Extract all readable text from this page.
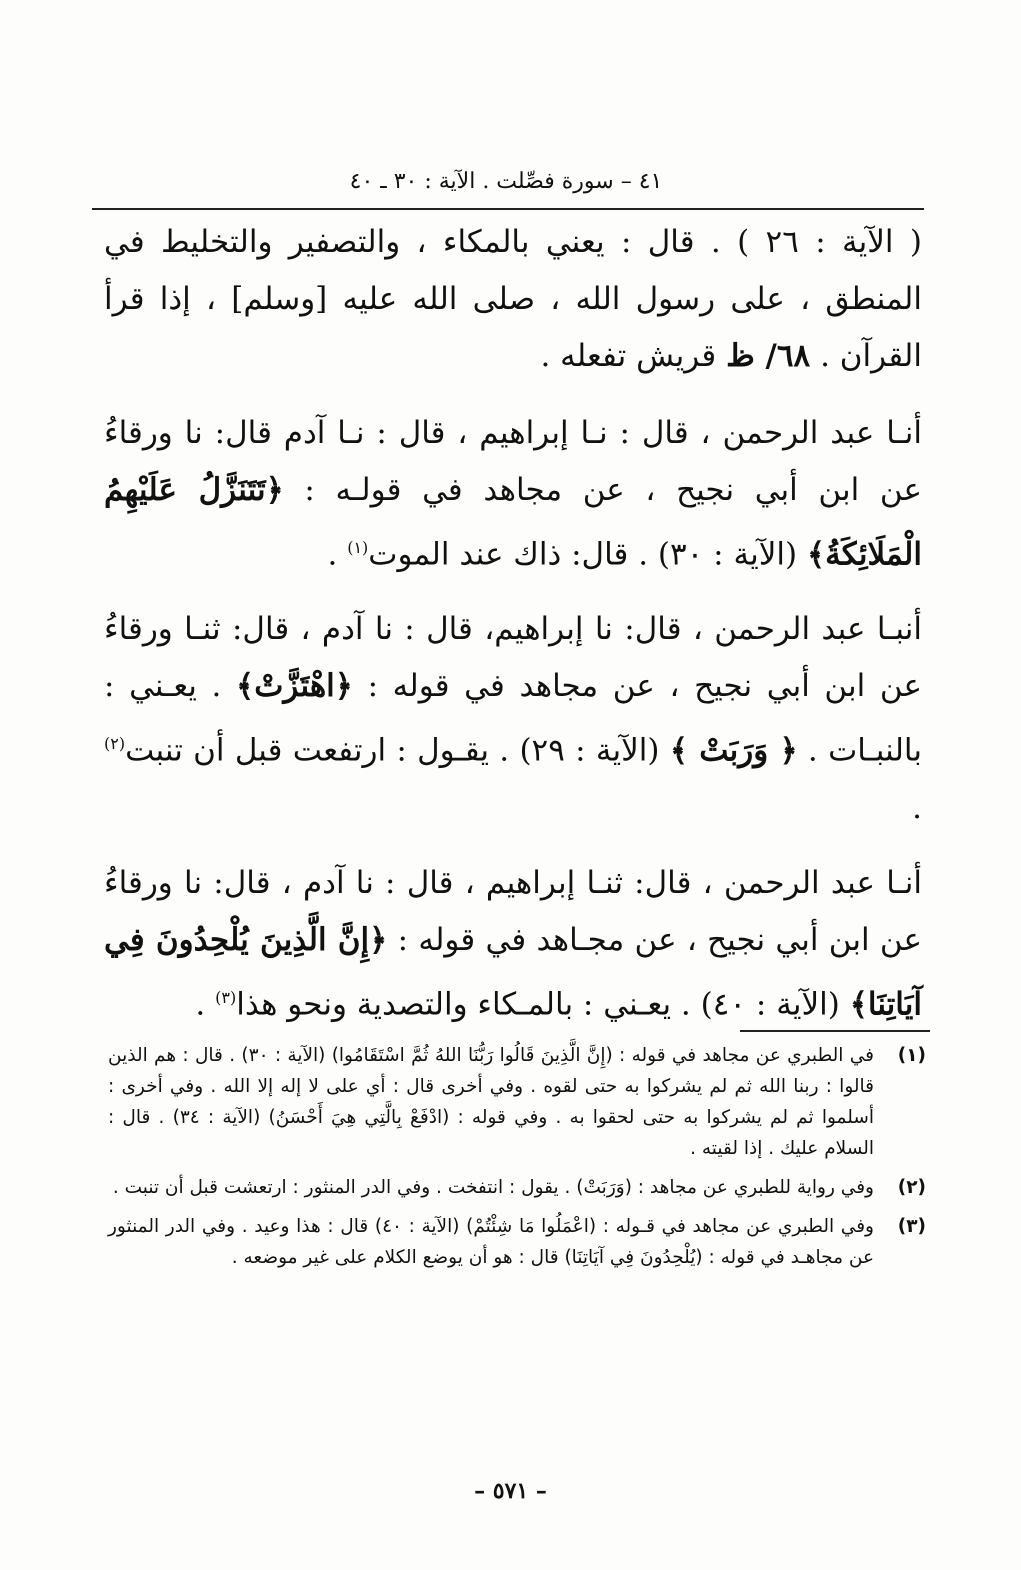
٤١ – سورة فصِّلت . الآية : ٣٠ ـ ٤٠

( الآية : ٢٦ ) . قال : يعني بالمكاء ، والتصفير والتخليط في المنطق ، على رسول الله ، صلى الله عليه [وسلم] ، إذا قرأ القرآن . ٦٨/ ظ قريش تفعله .

أنـا عبد الرحمن ، قال : نـا إبراهيم ، قال : نـا آدم قال: نا ورقاءُ عن ابن أبي نجيح ، عن مجاهد في قولـه : ﴿تَتَنَزَّلُ عَلَيْهِمُ الْمَلَائِكَةُ﴾ (الآية : ٣٠) . قال: ذاك عند الموت$^{(١)}$ .

أنبـا عبد الرحمن ، قال: نا إبراهيم، قال : نا آدم ، قال: ثنـا ورقاءُ عن ابن أبي نجيح ، عن مجاهد في قوله : ﴿اهْتَزَّتْ﴾ . يعـني : بالنبـات . ﴿ وَرَبَتْ ﴾ (الآية : ٢٩) . يقـول : ارتفعت قبل أن تنبت$^{(٢)}$ .

أنـا عبد الرحمن ، قال: ثنـا إبراهيم ، قال : نا آدم ، قال: نا ورقاءُ عن ابن أبي نجيح ، عن مجـاهد في قوله : ﴿إِنَّ الَّذِينَ يُلْحِدُونَ فِي آيَاتِنَا﴾ (الآية : ٤٠) . يعـني : بالمـكاء والتصدية ونحو هذا$^{(٣)}$ .

(١)
في الطبري عن مجاهد في قوله : (إِنَّ الَّذِينَ قَالُوا رَبُّنَا اللهُ ثُمَّ اسْتَقَامُوا) (الآية : ٣٠) . قال : هم الذين قالوا : ربنا الله ثم لم يشركوا به حتى لقوه . وفي أخرى قال : أي على لا إله إلا الله . وفي أخرى : أسلموا ثم لم يشركوا به حتى لحقوا به . وفي قوله : (ادْفَعْ بِالَّتِي هِيَ أَحْسَنُ) (الآية : ٣٤) . قال : السلام عليك . إذا لقيته .
(٢)
وفي رواية للطبري عن مجاهد : (وَرَبَتْ) . يقول : انتفخت . وفي الدر المنثور : ارتعشت قبل أن تنبت .
(٣)
وفي الطبري عن مجاهد في قـوله : (اعْمَلُوا مَا شِئْتُمْ) (الآية : ٤٠) قال : هذا وعيد . وفي الدر المنثور عن مجاهـد في قوله : (يُلْحِدُونَ فِي آيَاتِنَا) قال : هو أن يوضع الكلام على غير موضعه .
– ٥٧١ –
